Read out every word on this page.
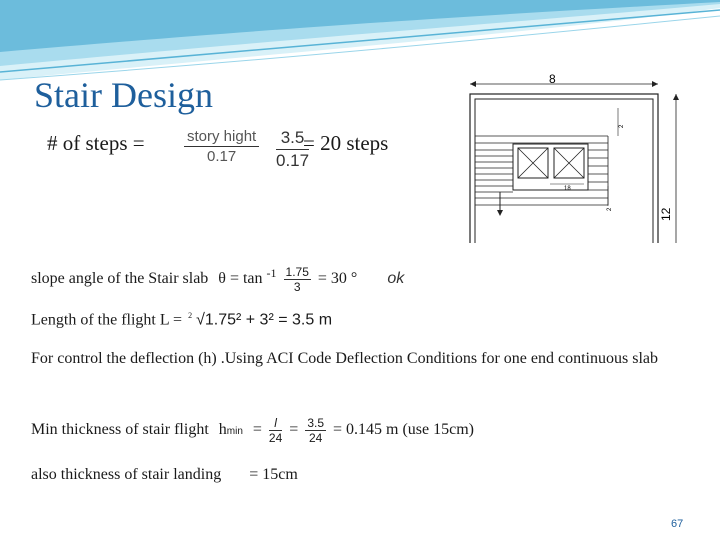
Stair Design
# of steps =	story hight
0.17	$\frac{3.5}{0.17}$
= 20 steps
8
12
2
18
2
slope angle of the Stair slab $\theta = \tan ^{-1} \frac{1.75}{3} = 30$ ° ok
Length of the flight L = $^2$ √1.75² + 3² = 3.5 m
For control the deflection (h) .Using ACI Code Deflection Conditions for one end continuous slab
Min thickness of stair flight $hmin = \frac{l}{24} = \frac{3.5}{24} = 0.145$ m (use 15cm)
also thickness of stair landing = 15cm
67
